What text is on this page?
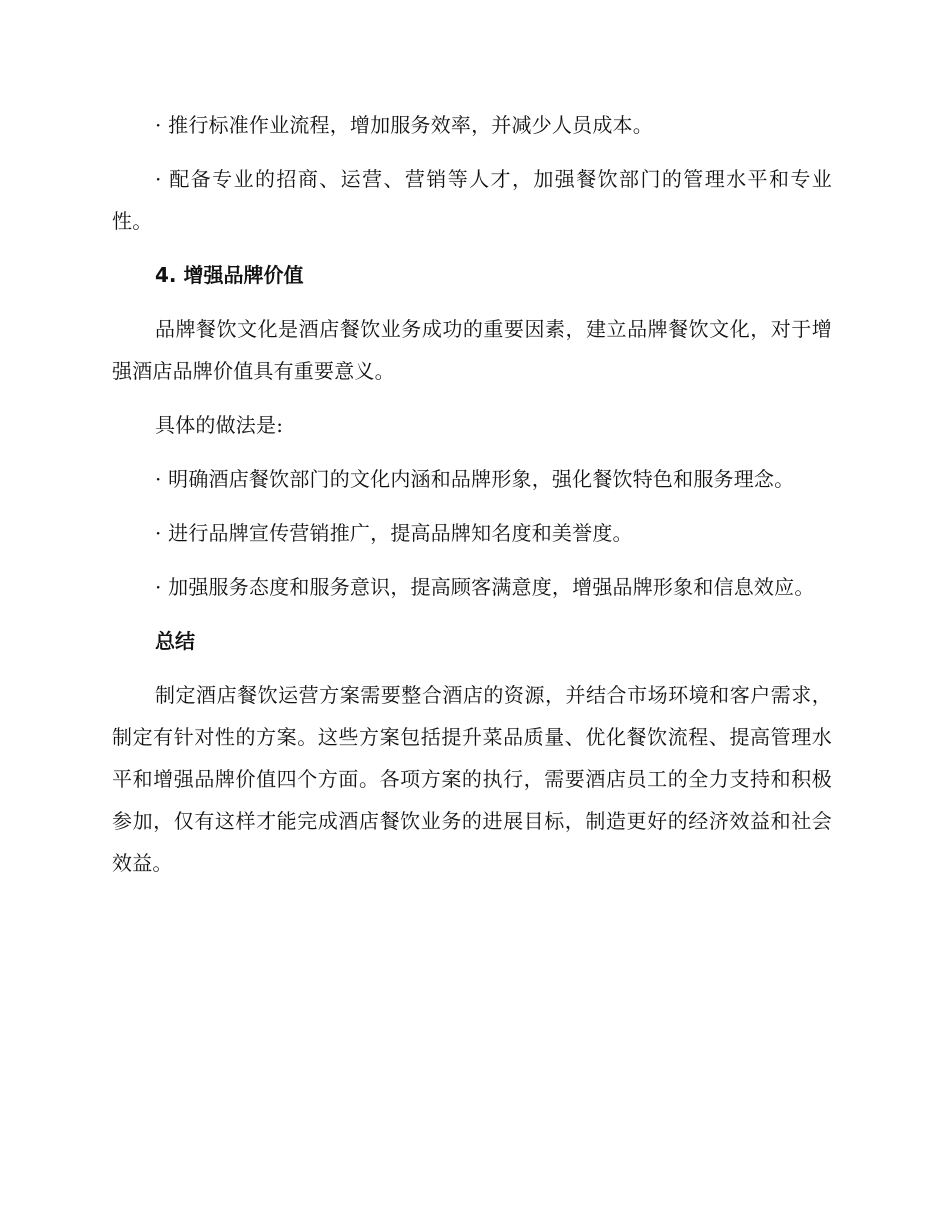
· 推行标准作业流程，增加服务效率，并减少人员成本。

· 配备专业的招商、运营、营销等人才，加强餐饮部门的管理水平和专业性。

4. 增强品牌价值

品牌餐饮文化是酒店餐饮业务成功的重要因素，建立品牌餐饮文化，对于增强酒店品牌价值具有重要意义。

具体的做法是:

· 明确酒店餐饮部门的文化内涵和品牌形象，强化餐饮特色和服务理念。

· 进行品牌宣传营销推广，提高品牌知名度和美誉度。

· 加强服务态度和服务意识，提高顾客满意度，增强品牌形象和信息效应。

总结

制定酒店餐饮运营方案需要整合酒店的资源，并结合市场环境和客户需求，制定有针对性的方案。这些方案包括提升菜品质量、优化餐饮流程、提高管理水平和增强品牌价值四个方面。各项方案的执行，需要酒店员工的全力支持和积极参加，仅有这样才能完成酒店餐饮业务的进展目标，制造更好的经济效益和社会效益。
